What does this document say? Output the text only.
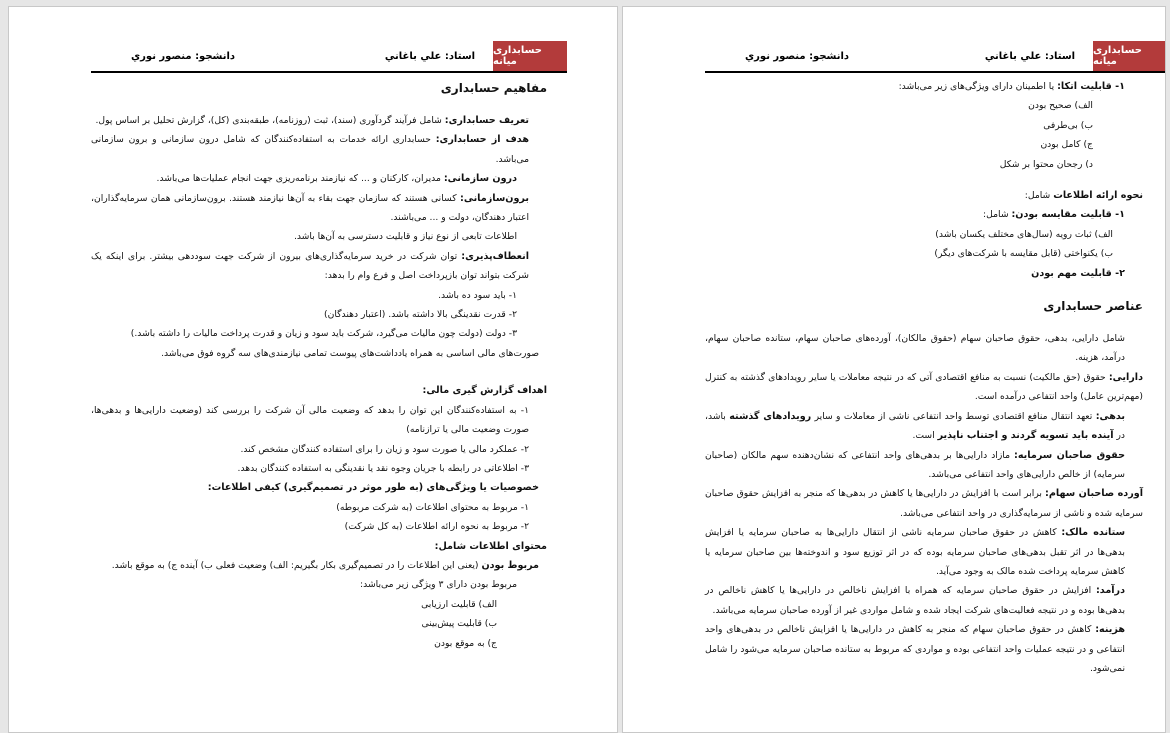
حسابداری میانه
استاد: علي باغاني
دانشجو: منصور نوري
مفاهیم حسابداری

تعریف حسابداری: شامل فرآیند گردآوری (سند)، ثبت (روزنامه)، طبقه‌بندی (کل)، گزارش تحلیل بر اساس پول.

هدف از حسابداری: حسابداری ارائه خدمات به استفاده‌کنندگان که شامل درون سازمانی و برون سازمانی می‌باشد.

درون سازمانی: مدیران، کارکنان و ... که نیازمند برنامه‌ریزی جهت انجام عملیات‌ها می‌باشد.

برون‌سازمانی: کسانی هستند که سازمان جهت بقاء به آن‌ها نیازمند هستند. برون‌سازمانی همان سرمایه‌گذاران، اعتبار دهندگان، دولت و ... می‌باشند.

اطلاعات تابعی از نوع نیاز و قابلیت دسترسی به آن‌ها باشد.

انعطاف‌پذیری: توان شرکت در خرید سرمایه‌گذاری‌های بیرون از شرکت جهت سوددهی بیشتر. برای اینکه یک شرکت بتواند توان بازپرداخت اصل و فرع وام را بدهد:

۱- باید سود ده باشد.

۲- قدرت نقدینگی بالا داشته باشد. (اعتبار دهندگان)

۳- دولت (دولت چون مالیات می‌گیرد، شرکت باید سود و زیان و قدرت پرداخت مالیات را داشته باشد.)

صورت‌های مالی اساسی به همراه یادداشت‌های پیوست تمامی نیازمندی‌های سه گروه فوق می‌باشد.

اهداف گزارش گیری مالی:

۱- به استفاده‌کنندگان این توان را بدهد که وضعیت مالی آن شرکت را بررسی کند (وضعیت دارایی‌ها و بدهی‌ها، صورت وضعیت مالی یا ترازنامه)

۲- عملکرد مالی یا صورت سود و زیان را برای استفاده کنندگان مشخص کند.

۳- اطلاعاتی در رابطه با جریان وجوه نقد یا نقدینگی به استفاده کنندگان بدهد.

خصوصیات یا ویژگی‌های (به طور موثر در تصمیم‌گیری) کیفی اطلاعات:

۱- مربوط به محتوای اطلاعات (به شرکت مربوطه)

۲- مربوط به نحوه ارائه اطلاعات (به کل شرکت)

محتوای اطلاعات شامل:

مربوط بودن (یعنی این اطلاعات را در تصمیم‌گیری بکار بگیریم: الف) وضعیت فعلی ب) آینده ج) به موقع باشد.

مربوط بودن دارای ۳ ویژگی زیر می‌باشد:

الف) قابلیت ارزیابی

ب) قابلیت پیش‌بینی

ج) به موقع بودن

حسابداری میانه
استاد: علي باغاني
دانشجو: منصور نوري

۱- قابلیت اتکا: یا اطمینان دارای ویژگی‌های زیر می‌باشد:

الف) صحیح بودن

ب) بی‌طرفی

ج) کامل بودن

د) رجحان محتوا بر شکل

نحوه ارائه اطلاعات شامل:

۱- قابلیت مقایسه بودن: شامل:

الف) ثبات رویه (سال‌های مختلف یکسان باشد)

ب) یکنواختی (قابل مقایسه با شرکت‌های دیگر)

۲- قابلیت مهم بودن

عناصر حسابداری

شامل دارایی، بدهی، حقوق صاحبان سهام (حقوق مالکان)، آورده‌های صاحبان سهام، ستانده صاحبان سهام، درآمد، هزینه.

دارایی: حقوق (حق مالکیت) نسبت به منافع اقتصادی آتی که در نتیجه معاملات یا سایر رویدادهای گذشته به کنترل (مهم‌ترین عامل) واحد انتفاعی درآمده است.

بدهی: تعهد انتقال منافع اقتصادی توسط واحد انتفاعی ناشی از معاملات و سایر رویدادهای گذشته باشد، در آینده باید تسویه گردند و اجتناب ناپذیر است.

حقوق صاحبان سرمایه: مازاد دارایی‌ها بر بدهی‌های واحد انتفاعی که نشان‌دهنده سهم مالکان (صاحبان سرمایه) از خالص دارایی‌های واحد انتفاعی می‌باشد.

آورده صاحبان سهام: برابر است با افزایش در دارایی‌ها یا کاهش در بدهی‌ها که منجر به افزایش حقوق صاحبان سرمایه شده و ناشی از سرمایه‌گذاری در واحد انتفاعی می‌باشد.

ستانده مالک: کاهش در حقوق صاحبان سرمایه ناشی از انتقال دارایی‌ها به صاحبان سرمایه یا افزایش بدهی‌ها در اثر تقبل بدهی‌های صاحبان سرمایه بوده که در اثر توزیع سود و اندوخته‌ها بین صاحبان سرمایه یا کاهش سرمایه پرداخت شده مالک به وجود می‌آید.

درآمد: افزایش در حقوق صاحبان سرمایه که همراه با افزایش ناخالص در دارایی‌ها یا کاهش ناخالص در بدهی‌ها بوده و در نتیجه فعالیت‌های شرکت ایجاد شده و شامل مواردی غیر از آورده صاحبان سرمایه می‌باشد.

هزینه: کاهش در حقوق صاحبان سهام که منجر به کاهش در دارایی‌ها یا افزایش ناخالص در بدهی‌های واحد انتفاعی و در نتیجه عملیات واحد انتفاعی بوده و مواردی که مربوط به ستانده صاحبان سرمایه می‌شود را شامل نمی‌شود.
